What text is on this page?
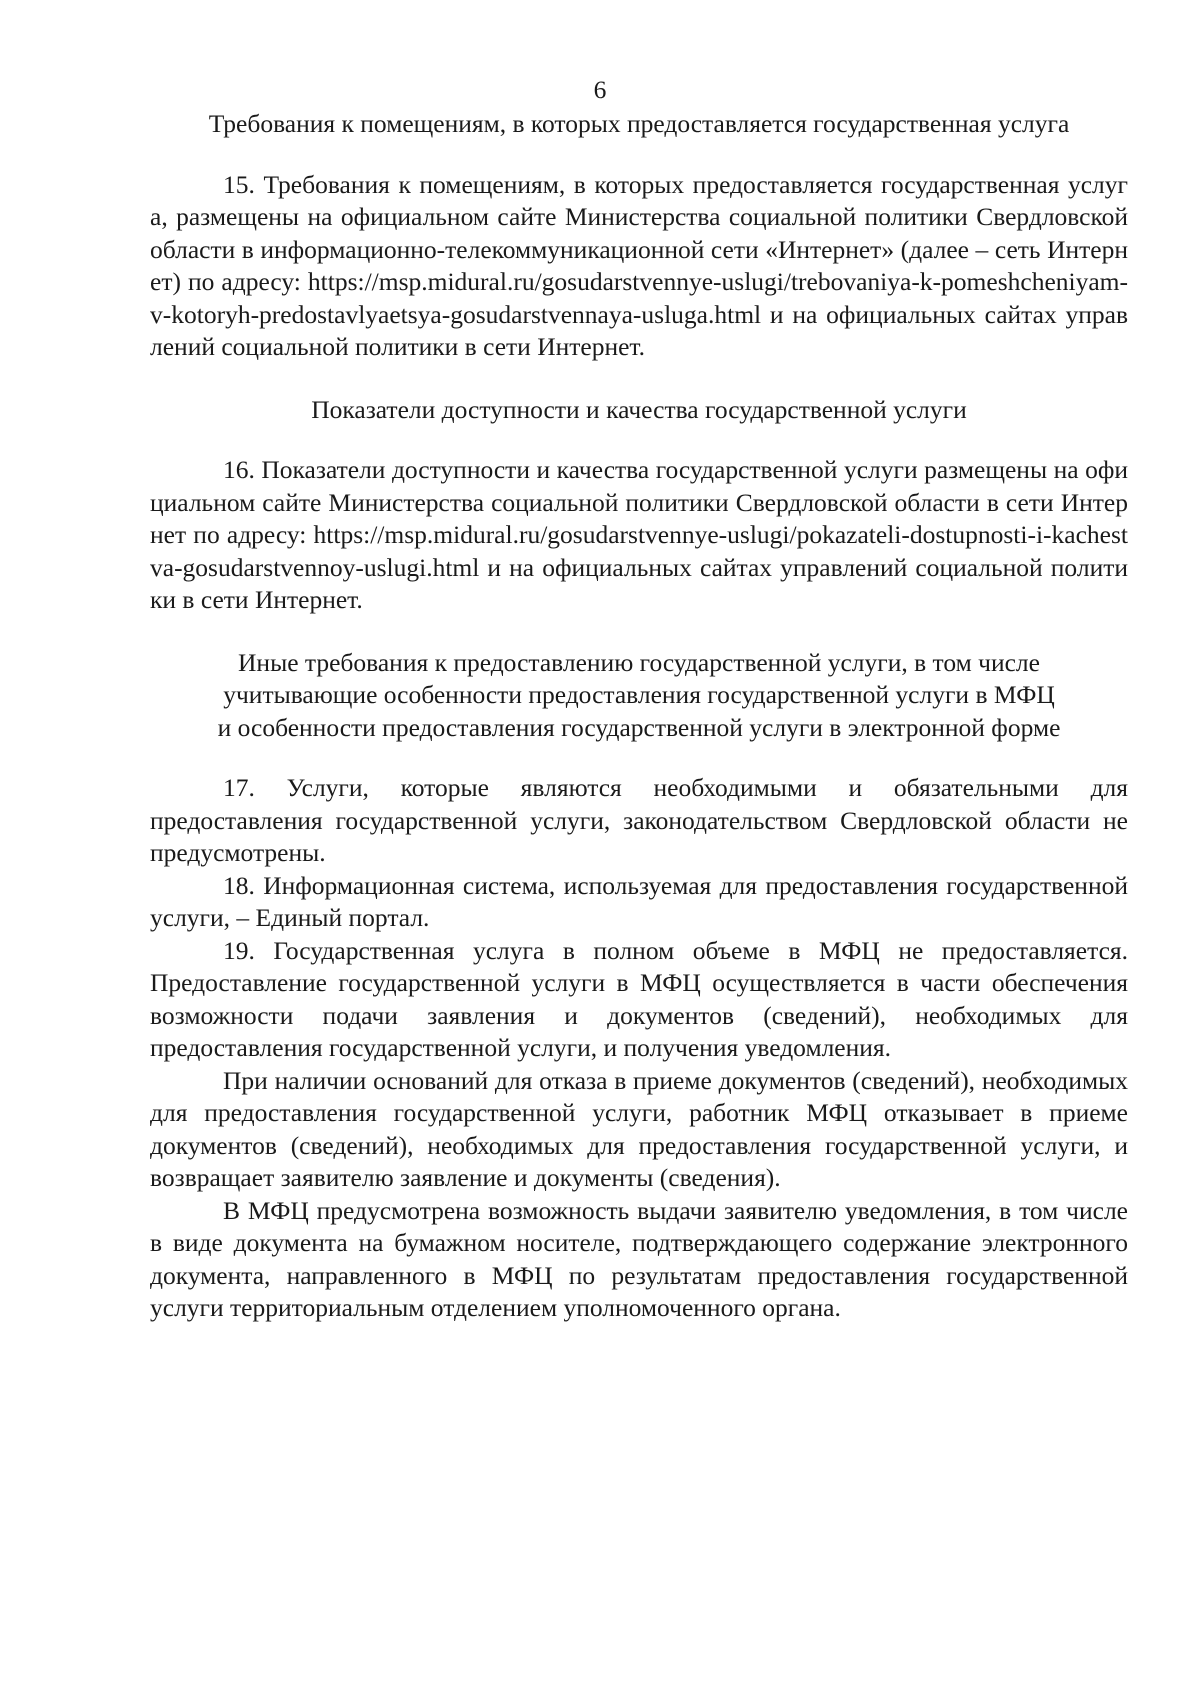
6

Требования к помещениям, в которых предоставляется государственная услуга

15. Требования к помещениям, в которых предоставляется государственная услуга, размещены на официальном сайте Министерства социальной политики Свердловской области в информационно-телекоммуникационной сети «Интернет» (далее – сеть Интернет) по адресу: https://msp.midural.ru/gosudarstvennye-uslugi/trebovaniya-k-pomeshcheniyam-v-kotoryh-predostavlyaetsya-gosudarstvennaya-usluga.html и на официальных сайтах управлений социальной политики в сети Интернет.

Показатели доступности и качества государственной услуги

16. Показатели доступности и качества государственной услуги размещены на официальном сайте Министерства социальной политики Свердловской области в сети Интернет по адресу: https://msp.midural.ru/gosudarstvennye-uslugi/pokazateli-dostupnosti-i-kachestva-gosudarstvennoy-uslugi.html и на официальных сайтах управлений социальной политики в сети Интернет.

Иные требования к предоставлению государственной услуги, в том числе

учитывающие особенности предоставления государственной услуги в МФЦ

и особенности предоставления государственной услуги в электронной форме

17. Услуги, которые являются необходимыми и обязательными для предоставления государственной услуги, законодательством Свердловской области не предусмотрены.

18. Информационная система, используемая для предоставления государственной услуги, – Единый портал.

19. Государственная услуга в полном объеме в МФЦ не предоставляется. Предоставление государственной услуги в МФЦ осуществляется в части обеспечения возможности подачи заявления и документов (сведений), необходимых для предоставления государственной услуги, и получения уведомления.

При наличии оснований для отказа в приеме документов (сведений), необходимых для предоставления государственной услуги, работник МФЦ отказывает в приеме документов (сведений), необходимых для предоставления государственной услуги, и возвращает заявителю заявление и документы (сведения).

В МФЦ предусмотрена возможность выдачи заявителю уведомления, в том числе в виде документа на бумажном носителе, подтверждающего содержание электронного документа, направленного в МФЦ по результатам предоставления государственной услуги территориальным отделением уполномоченного органа.
